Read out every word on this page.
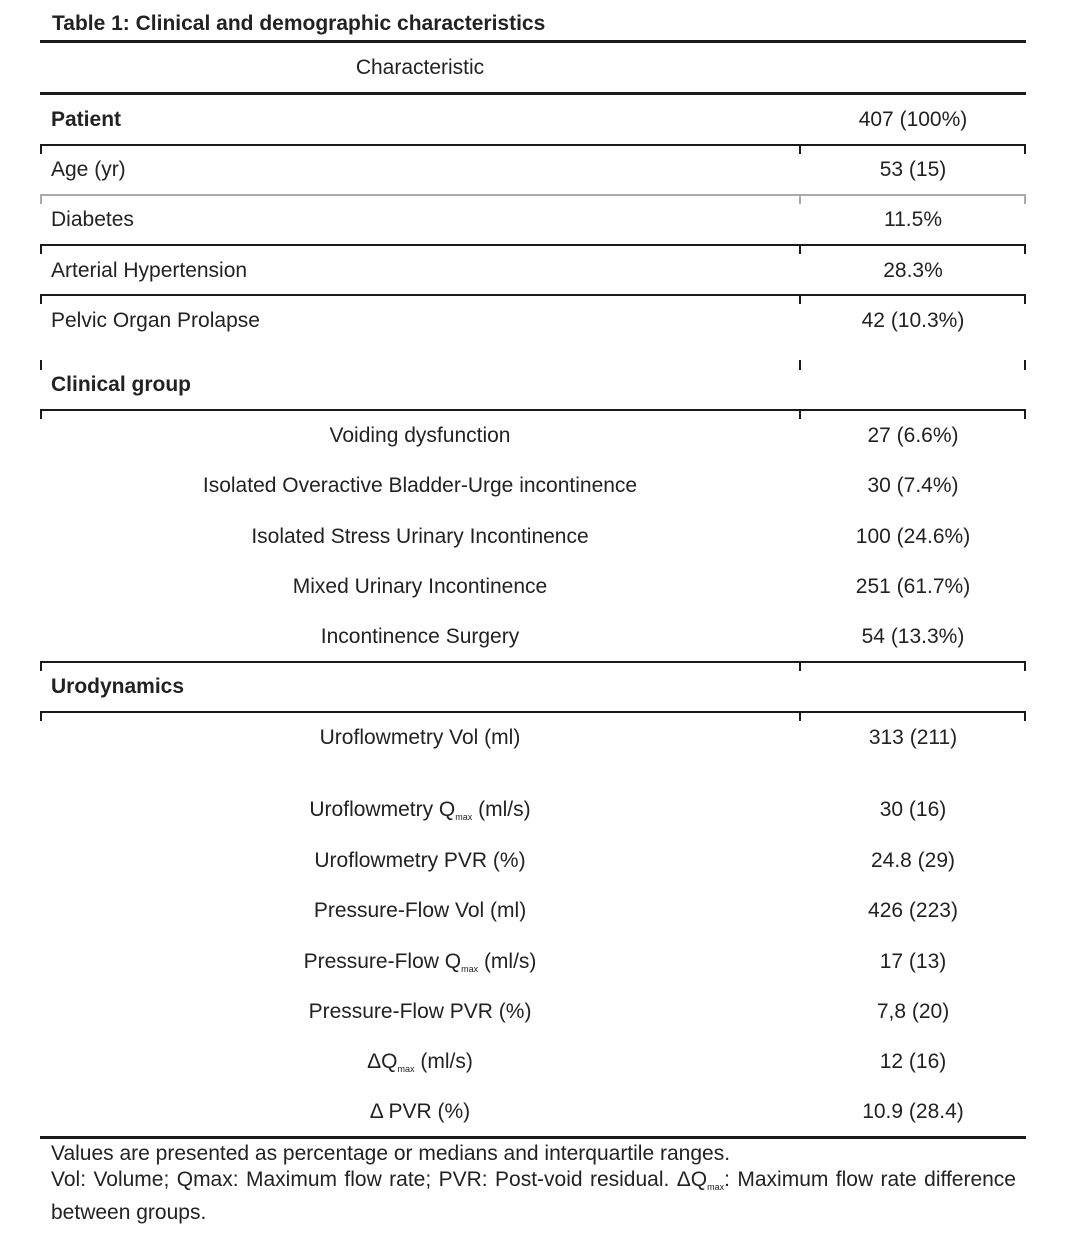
Table 1: Clinical and demographic characteristics
Characteristic
Patient	407 (100%)
Age (yr)	53 (15)
Diabetes	11.5%
Arterial Hypertension	28.3%
Pelvic Organ Prolapse	42 (10.3%)
Clinical group
Voiding dysfunction	27 (6.6%)
Isolated Overactive Bladder-Urge incontinence	30 (7.4%)
Isolated Stress Urinary Incontinence	100 (24.6%)
Mixed Urinary Incontinence	251 (61.7%)
Incontinence Surgery	54 (13.3%)
Urodynamics
Uroflowmetry Vol (ml)	313 (211)
Uroflowmetry $Q_{max}$ (ml/s)	30 (16)
Uroflowmetry PVR (%)	24.8 (29)
Pressure-Flow Vol (ml)	426 (223)
Pressure-Flow $Q_{max}$ (ml/s)	17 (13)
Pressure-Flow PVR (%)	7,8 (20)
$\Delta Q_{max}$ (ml/s)	12 (16)
Δ PVR (%)	10.9 (28.4)
Values are presented as percentage or medians and interquartile ranges.
Vol: Volume; Qmax: Maximum flow rate; PVR: Post-void residual. $\Delta Q_{max}$: Maximum flow rate difference between groups.
